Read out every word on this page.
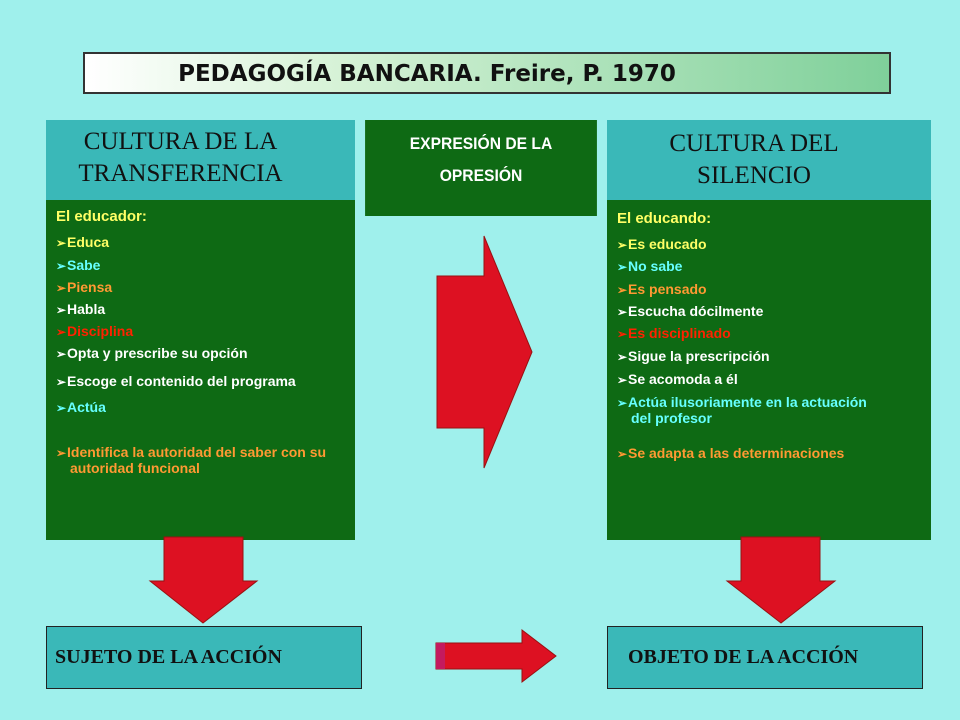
PEDAGOGÍA BANCARIA. Freire, P. 1970
CULTURA DE LA
TRANSFERENCIA
EXPRESIÓN DE LA
OPRESIÓN
CULTURA DEL
SILENCIO
El educador:
➢Educa
➢Sabe
➢Piensa
➢Habla
➢Disciplina
➢Opta y prescribe su opción
➢Escoge el contenido del programa
➢Actúa
➢Identifica la autoridad del saber con su
autoridad funcional
El educando:
➢Es educado
➢No sabe
➢Es pensado
➢Escucha dócilmente
➢Es disciplinado
➢Sigue la prescripción
➢Se acomoda a él
➢Actúa ilusoriamente en la actuación
del profesor
➢Se adapta a las determinaciones
SUJETO DE LA ACCIÓN	OBJETO DE LA ACCIÓN
